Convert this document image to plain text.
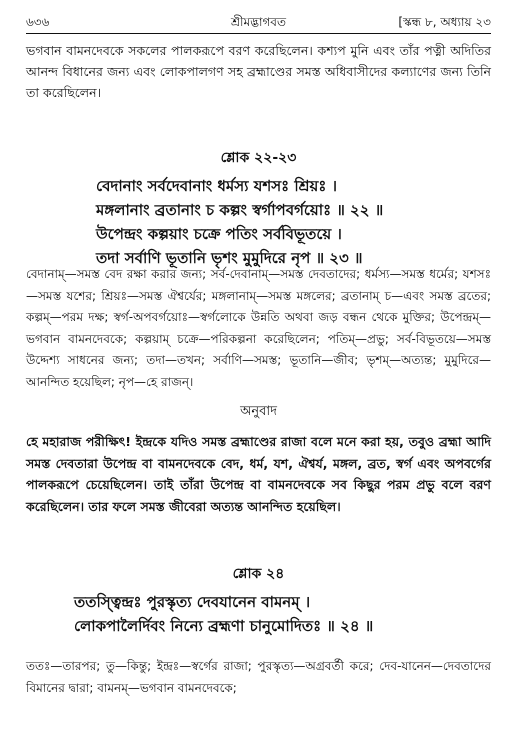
৬৩৬	শ্রীমদ্ভাগবত	[স্কন্ধ ৮, অধ্যায় ২৩

ভগবান বামনদেবকে সকলের পালকরূপে বরণ করেছিলেন। কশ্যপ মুনি এবং তাঁর পত্নী অদিতির আনন্দ বিধানের জন্য এবং লোকপালগণ সহ ব্রহ্মাণ্ডের সমস্ত অধিবাসীদের কল্যাণের জন্য তিনি তা করেছিলেন।

শ্লোক ২২-২৩

বেদানাং সর্বদেবানাং ধর্মস্য যশসঃ শ্রিয়ঃ ।

মঙ্গলানাং ব্রতানাং চ কল্পং স্বর্গাপবর্গয়োঃ ॥ ২২ ॥

উপেন্দ্রং কল্পয়াং চক্রে পতিং সর্ববিভূতয়ে ।

তদা সর্বাণি ভূতানি ভৃশং মুমুদিরে নৃপ ॥ ২৩ ॥

বেদানাম্—সমস্ত বেদ রক্ষা করার জন্য; সর্ব-দেবানাম্—সমস্ত দেবতাদের; ধর্মস্য—সমস্ত ধর্মের; যশসঃ—সমস্ত যশের; শ্রিয়ঃ—সমস্ত ঐশ্বর্যের; মঙ্গলানাম্—সমস্ত মঙ্গলের; ব্রতানাম্ চ—এবং সমস্ত ব্রতের; কল্পম্—পরম দক্ষ; স্বর্গ-অপবর্গয়োঃ—স্বর্গলোকে উন্নতি অথবা জড় বন্ধন থেকে মুক্তির; উপেন্দ্রম্—ভগবান বামনদেবকে; কল্পয়াম্ চক্রে—পরিকল্পনা করেছিলেন; পতিম্—প্রভু; সর্ব-বিভূতয়ে—সমস্ত উদ্দেশ্য সাধনের জন্য; তদা—তখন; সর্বাণি—সমস্ত; ভূতানি—জীব; ভৃশম্—অত্যন্ত; মুমুদিরে—আনন্দিত হয়েছিল; নৃপ—হে রাজন্।

অনুবাদ

হে মহারাজ পরীক্ষিৎ! ইন্দ্রকে যদিও সমস্ত ব্রহ্মাণ্ডের রাজা বলে মনে করা হয়, তবুও ব্রহ্মা আদি সমস্ত দেবতারা উপেন্দ্র বা বামনদেবকে বেদ, ধর্ম, যশ, ঐশ্বর্য, মঙ্গল, ব্রত, স্বর্গ এবং অপবর্গের পালকরূপে চেয়েছিলেন। তাই তাঁরা উপেন্দ্র বা বামনদেবকে সব কিছুর পরম প্রভু বলে বরণ করেছিলেন। তার ফলে সমস্ত জীবেরা অত্যন্ত আনন্দিত হয়েছিল।

শ্লোক ২৪

ততস্ত্বিন্দ্রঃ পুরস্কৃত্য দেবযানেন বামনম্ ।

লোকপালৈর্দিবং নিন্যে ব্রহ্মণা চানুমোদিতঃ ॥ ২৪ ॥

ততঃ—তারপর; তু—কিন্তু; ইন্দ্রঃ—স্বর্গের রাজা; পুরস্কৃত্য—অগ্রবর্তী করে; দেব-যানেন—দেবতাদের বিমানের দ্বারা; বামনম্—ভগবান বামনদেবকে;
